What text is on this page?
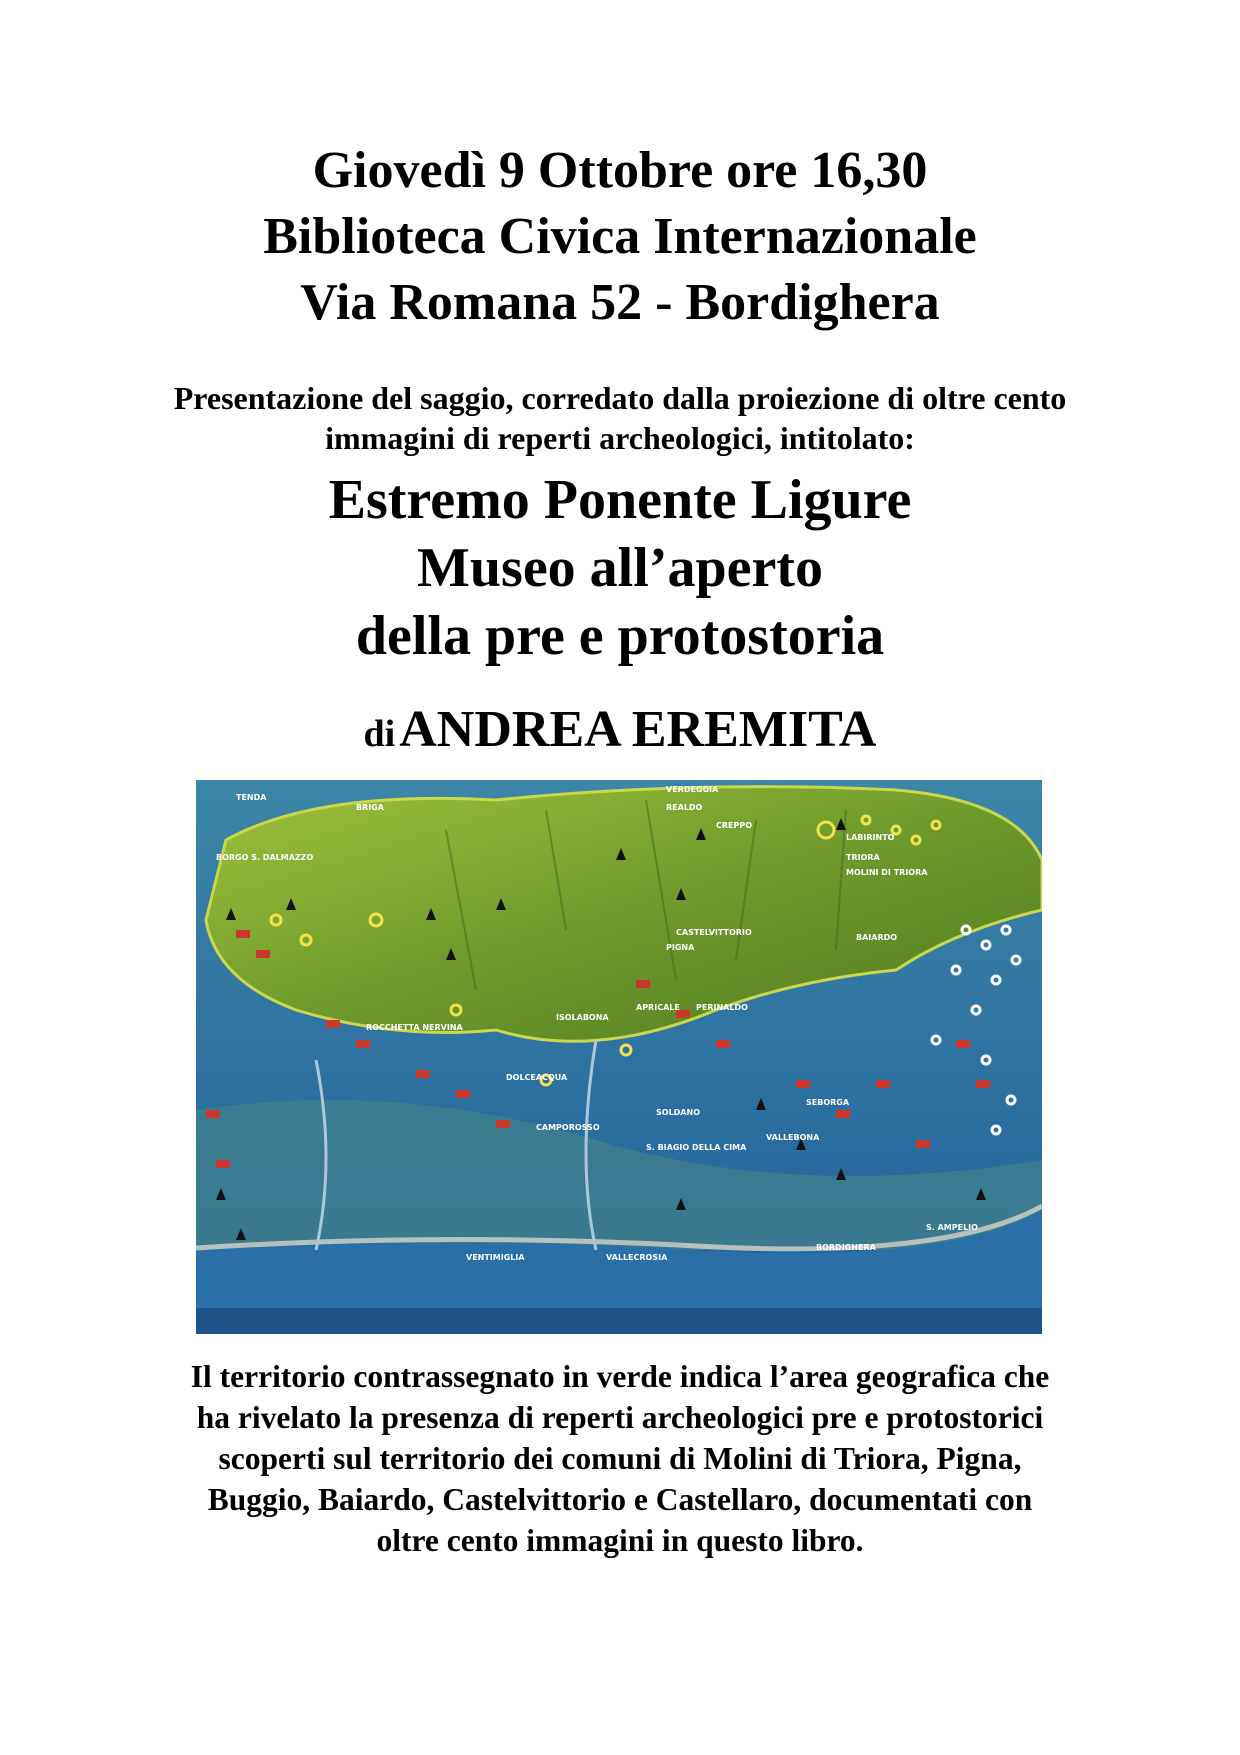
Giovedì 9 Ottobre ore 16,30
Biblioteca Civica Internazionale
Via Romana 52 - Bordighera
Presentazione del saggio, corredato dalla proiezione di oltre cento
immagini di reperti archeologici, intitolato:
Estremo Ponente Ligure
Museo all’aperto
della pre e protostoria
di ANDREA EREMITA
TENDA
BRIGA
BORGO S. DALMAZZO
VERDEGGIA
REALDO
CREPPO
LABIRINTO
TRIORA
MOLINI DI TRIORA
PIGNA
CASTELVITTORIO
BAIARDO
ROCCHETTA NERVINA
ISOLABONA
APRICALE PERINALDO
DOLCEACQUA
SOLDANO
SEBORGA
CAMPOROSSO
S. BIAGIO DELLA CIMA
VALLEBONA
VENTIMIGLIA	VALLECROSIA
BORDIGHERA
S. AMPELIO
Il territorio contrassegnato in verde indica l’area geografica che
ha rivelato la presenza di reperti archeologici pre e protostorici
scoperti sul territorio dei comuni di Molini di Triora, Pigna,
Buggio, Baiardo, Castelvittorio e Castellaro, documentati con
oltre cento immagini in questo libro.
